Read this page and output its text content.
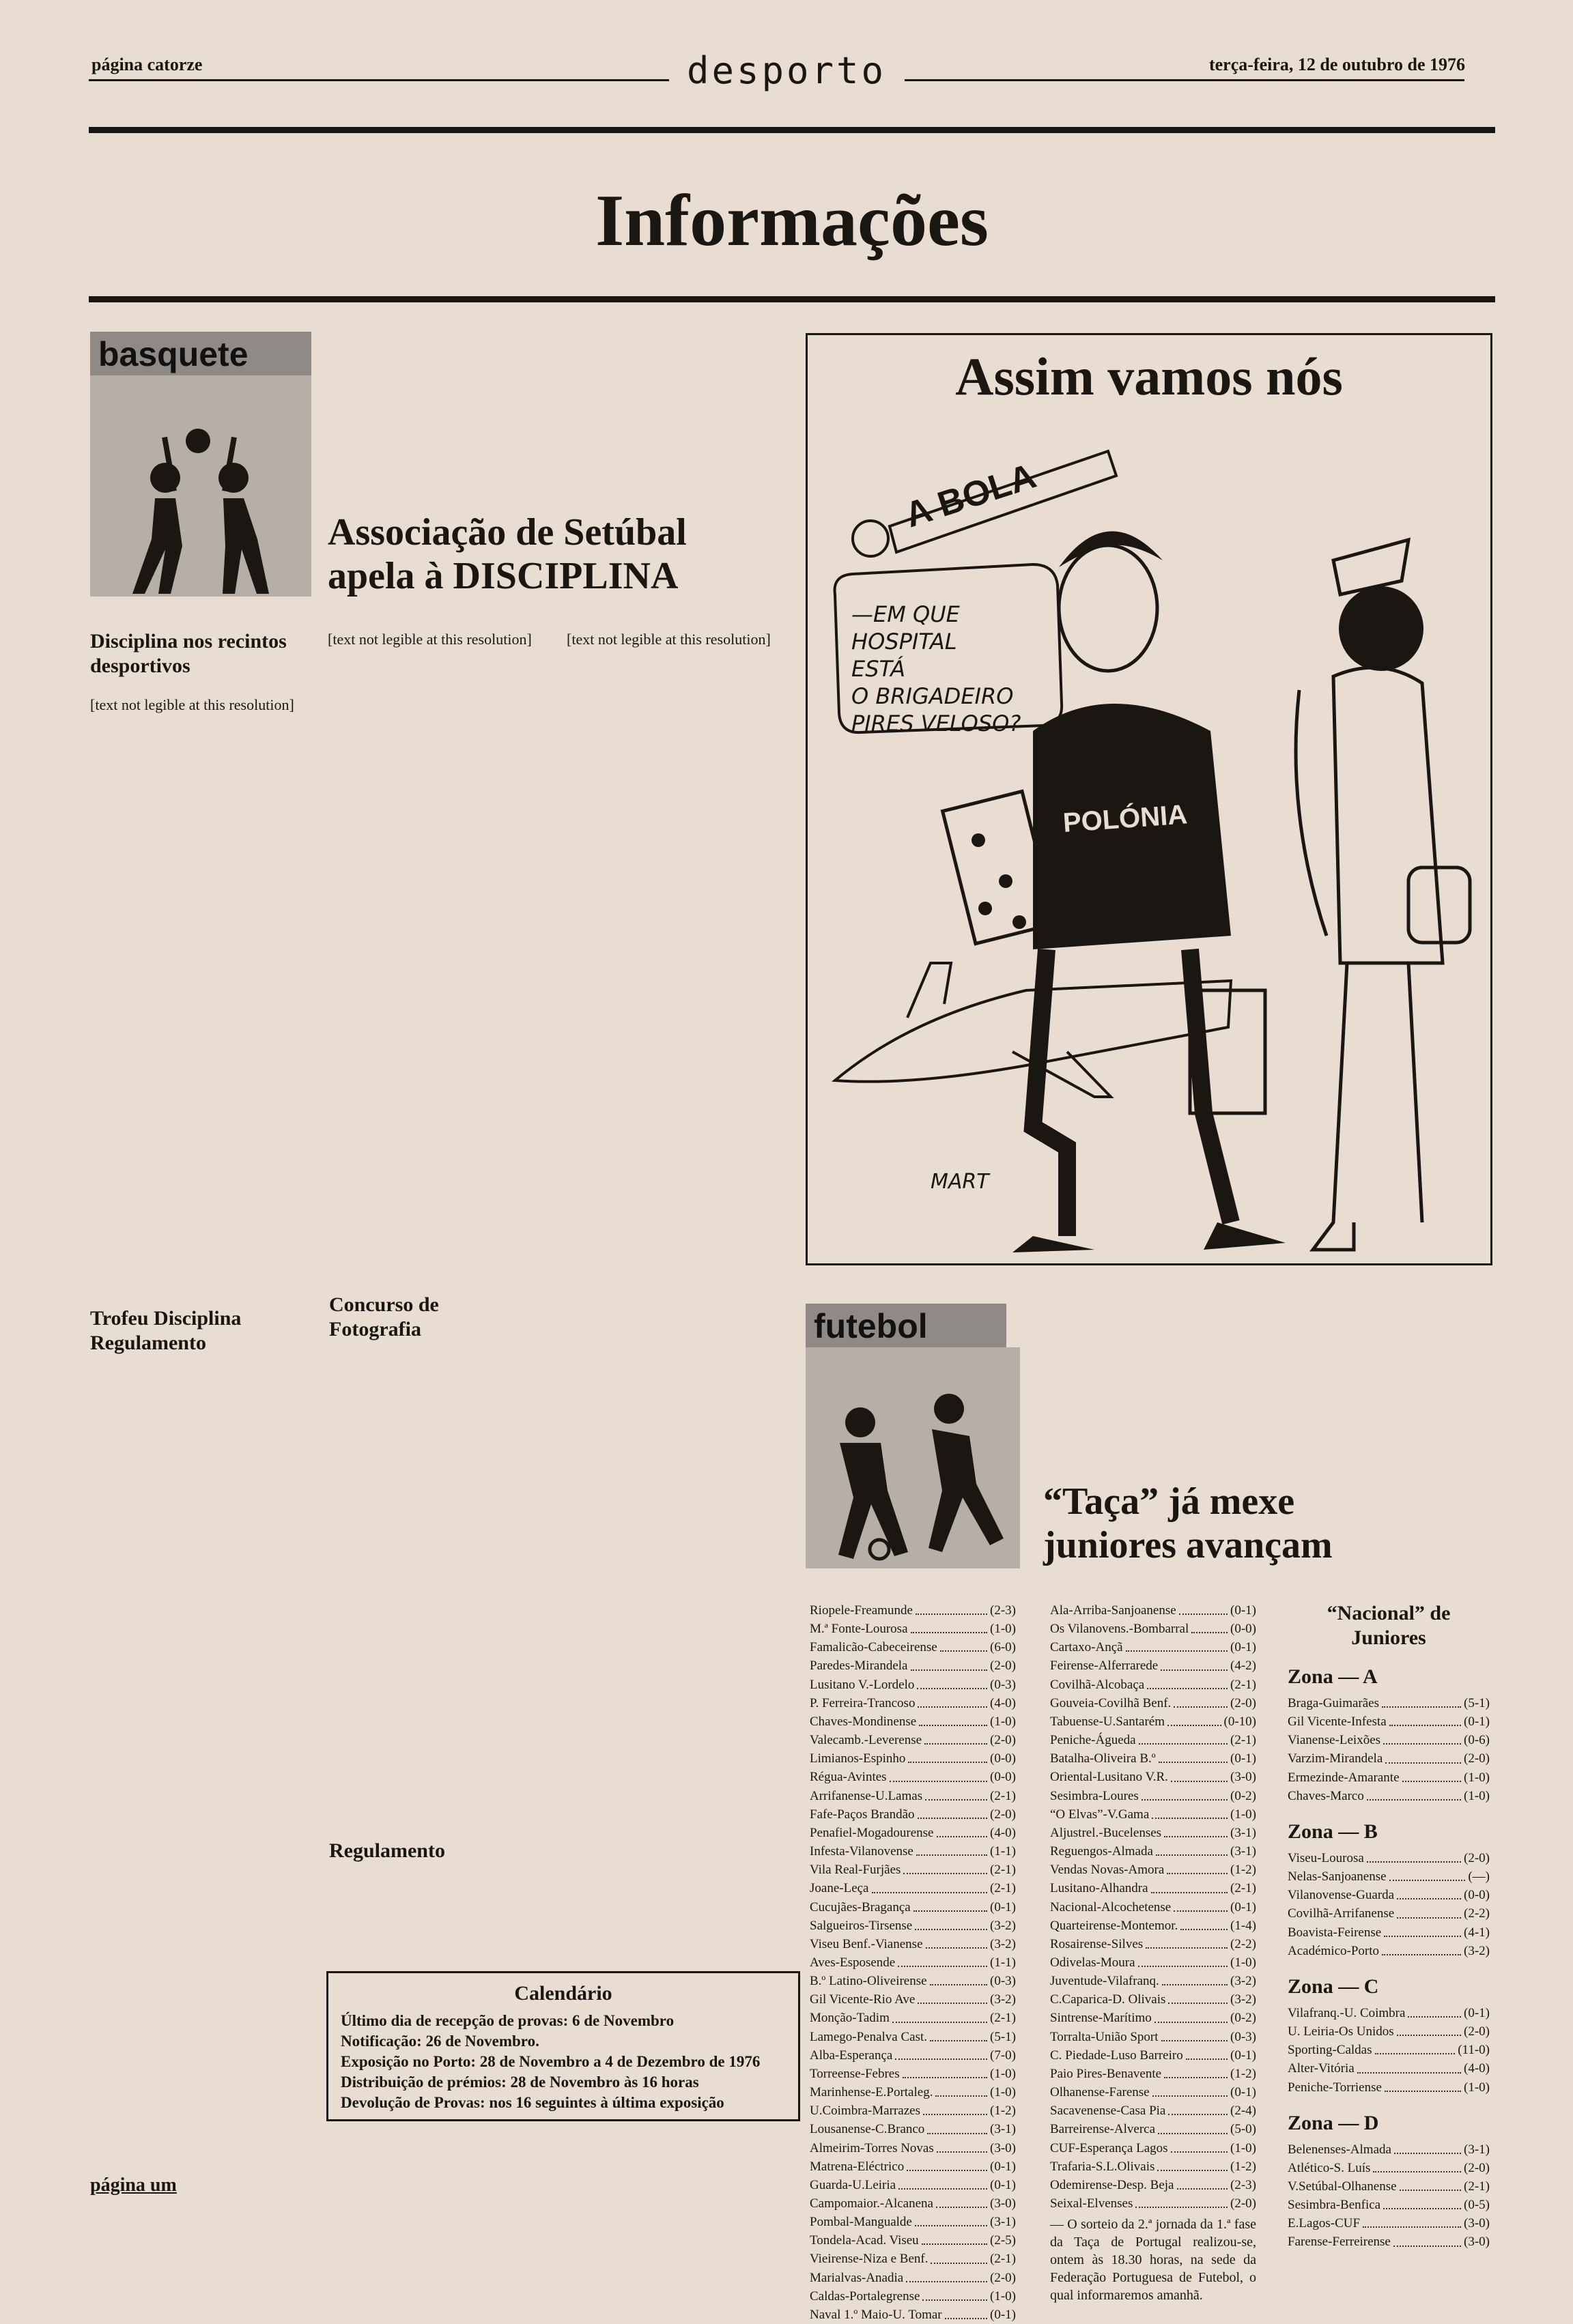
página catorze	desporto	terça-feira, 12 de outubro de 1976
Informações
basquete
Associação de Setúbal apela à DISCIPLINA
Disciplina nos recintos desportivos
[text not legible at this resolution]
Trofeu Disciplina Regulamento
[text not legible at this resolution]
Concurso de Fotografia
Regulamento
[text not legible at this resolution]
Calendário
Último dia de recepção de provas: 6 de Novembro
Notificação: 26 de Novembro.
Exposição no Porto: 28 de Novembro a 4 de Dezembro de 1976
Distribuição de prémios: 28 de Novembro às 16 horas
Devolução de Provas: nos 16 seguintes à última exposição
página um
Assim vamos nós
A BOLA
—EM QUE HOSPITAL ESTÁ O BRIGADEIRO PIRES VELOSO?
POLÓNIA
MART
futebol
“Taça” já mexe juniores avançam
Riopele-Freamunde	(2-3)
M.ª Fonte-Lourosa	(1-0)
Famalicão-Cabeceirense	(6-0)
Paredes-Mirandela	(2-0)
Lusitano V.-Lordelo	(0-3)
P. Ferreira-Trancoso	(4-0)
Chaves-Mondinense	(1-0)
Valecamb.-Leverense	(2-0)
Limianos-Espinho	(0-0)
Régua-Avintes	(0-0)
Arrifanense-U.Lamas	(2-1)
Fafe-Paços Brandão	(2-0)
Penafiel-Mogadourense	(4-0)
Infesta-Vilanovense	(1-1)
Vila Real-Furjães	(2-1)
Joane-Leça	(2-1)
Cucujães-Bragança	(0-1)
Salgueiros-Tirsense	(3-2)
Viseu Benf.-Vianense	(3-2)
Aves-Esposende	(1-1)
B.º Latino-Oliveirense	(0-3)
Gil Vicente-Rio Ave	(3-2)
Monção-Tadim	(2-1)
Lamego-Penalva Cast.	(5-1)
Alba-Esperança	(7-0)
Torreense-Febres	(1-0)
Marinhense-E.Portaleg.	(1-0)
U.Coimbra-Marrazes	(1-2)
Lousanense-C.Branco	(3-1)
Almeirim-Torres Novas	(3-0)
Matrena-Eléctrico	(0-1)
Guarda-U.Leiria	(0-1)
Campomaior.-Alcanena	(3-0)
Pombal-Mangualde	(3-1)
Tondela-Acad. Viseu	(2-5)
Vieirense-Niza e Benf.	(2-1)
Marialvas-Anadia	(2-0)
Caldas-Portalegrense	(1-0)
Naval 1.º Maio-U. Tomar	(0-1)
Ala-Arriba-Sanjoanense	(0-1)
Os Vilanovens.-Bombarral	(0-0)
Cartaxo-Ançã	(0-1)
Feirense-Alferrarede	(4-2)
Covilhã-Alcobaça	(2-1)
Gouveia-Covilhã Benf.	(2-0)
Tabuense-U.Santarém	(0-10)
Peniche-Águeda	(2-1)
Batalha-Oliveira B.º	(0-1)
Oriental-Lusitano V.R.	(3-0)
Sesimbra-Loures	(0-2)
“O Elvas”-V.Gama	(1-0)
Aljustrel.-Bucelenses	(3-1)
Reguengos-Almada	(3-1)
Vendas Novas-Amora	(1-2)
Lusitano-Alhandra	(2-1)
Nacional-Alcochetense	(0-1)
Quarteirense-Montemor.	(1-4)
Rosairense-Silves	(2-2)
Odivelas-Moura	(1-0)
Juventude-Vilafranq.	(3-2)
C.Caparica-D. Olivais	(3-2)
Sintrense-Marítimo	(0-2)
Torralta-União Sport	(0-3)
C. Piedade-Luso Barreiro	(0-1)
Paio Pires-Benavente	(1-2)
Olhanense-Farense	(0-1)
Sacavenense-Casa Pia	(2-4)
Barreirense-Alverca	(5-0)
CUF-Esperança Lagos	(1-0)
Trafaria-S.L.Olivais	(1-2)
Odemirense-Desp. Beja	(2-3)
Seixal-Elvenses	(2-0)
— O sorteio da 2.ª jornada da 1.ª fase da Taça de Portugal realizou-se, ontem às 18.30 horas, na sede da Federação Portuguesa de Futebol, o qual informaremos amanhã.
“Nacional” de Juniores
Zona — A
Braga-Guimarães	(5-1)
Gil Vicente-Infesta	(0-1)
Vianense-Leixões	(0-6)
Varzim-Mirandela	(2-0)
Ermezinde-Amarante	(1-0)
Chaves-Marco	(1-0)
Zona — B
Viseu-Lourosa	(2-0)
Nelas-Sanjoanense	(—)
Vilanovense-Guarda	(0-0)
Covilhã-Arrifanense	(2-2)
Boavista-Feirense	(4-1)
Académico-Porto	(3-2)
Zona — C
Vilafranq.-U. Coimbra	(0-1)
U. Leiria-Os Unidos	(2-0)
Sporting-Caldas	(11-0)
Alter-Vitória	(4-0)
Peniche-Torriense	(1-0)
Zona — D
Belenenses-Almada	(3-1)
Atlético-S. Luís	(2-0)
V.Setúbal-Olhanense	(2-1)
Sesimbra-Benfica	(0-5)
E.Lagos-CUF	(3-0)
Farense-Ferreirense	(3-0)
